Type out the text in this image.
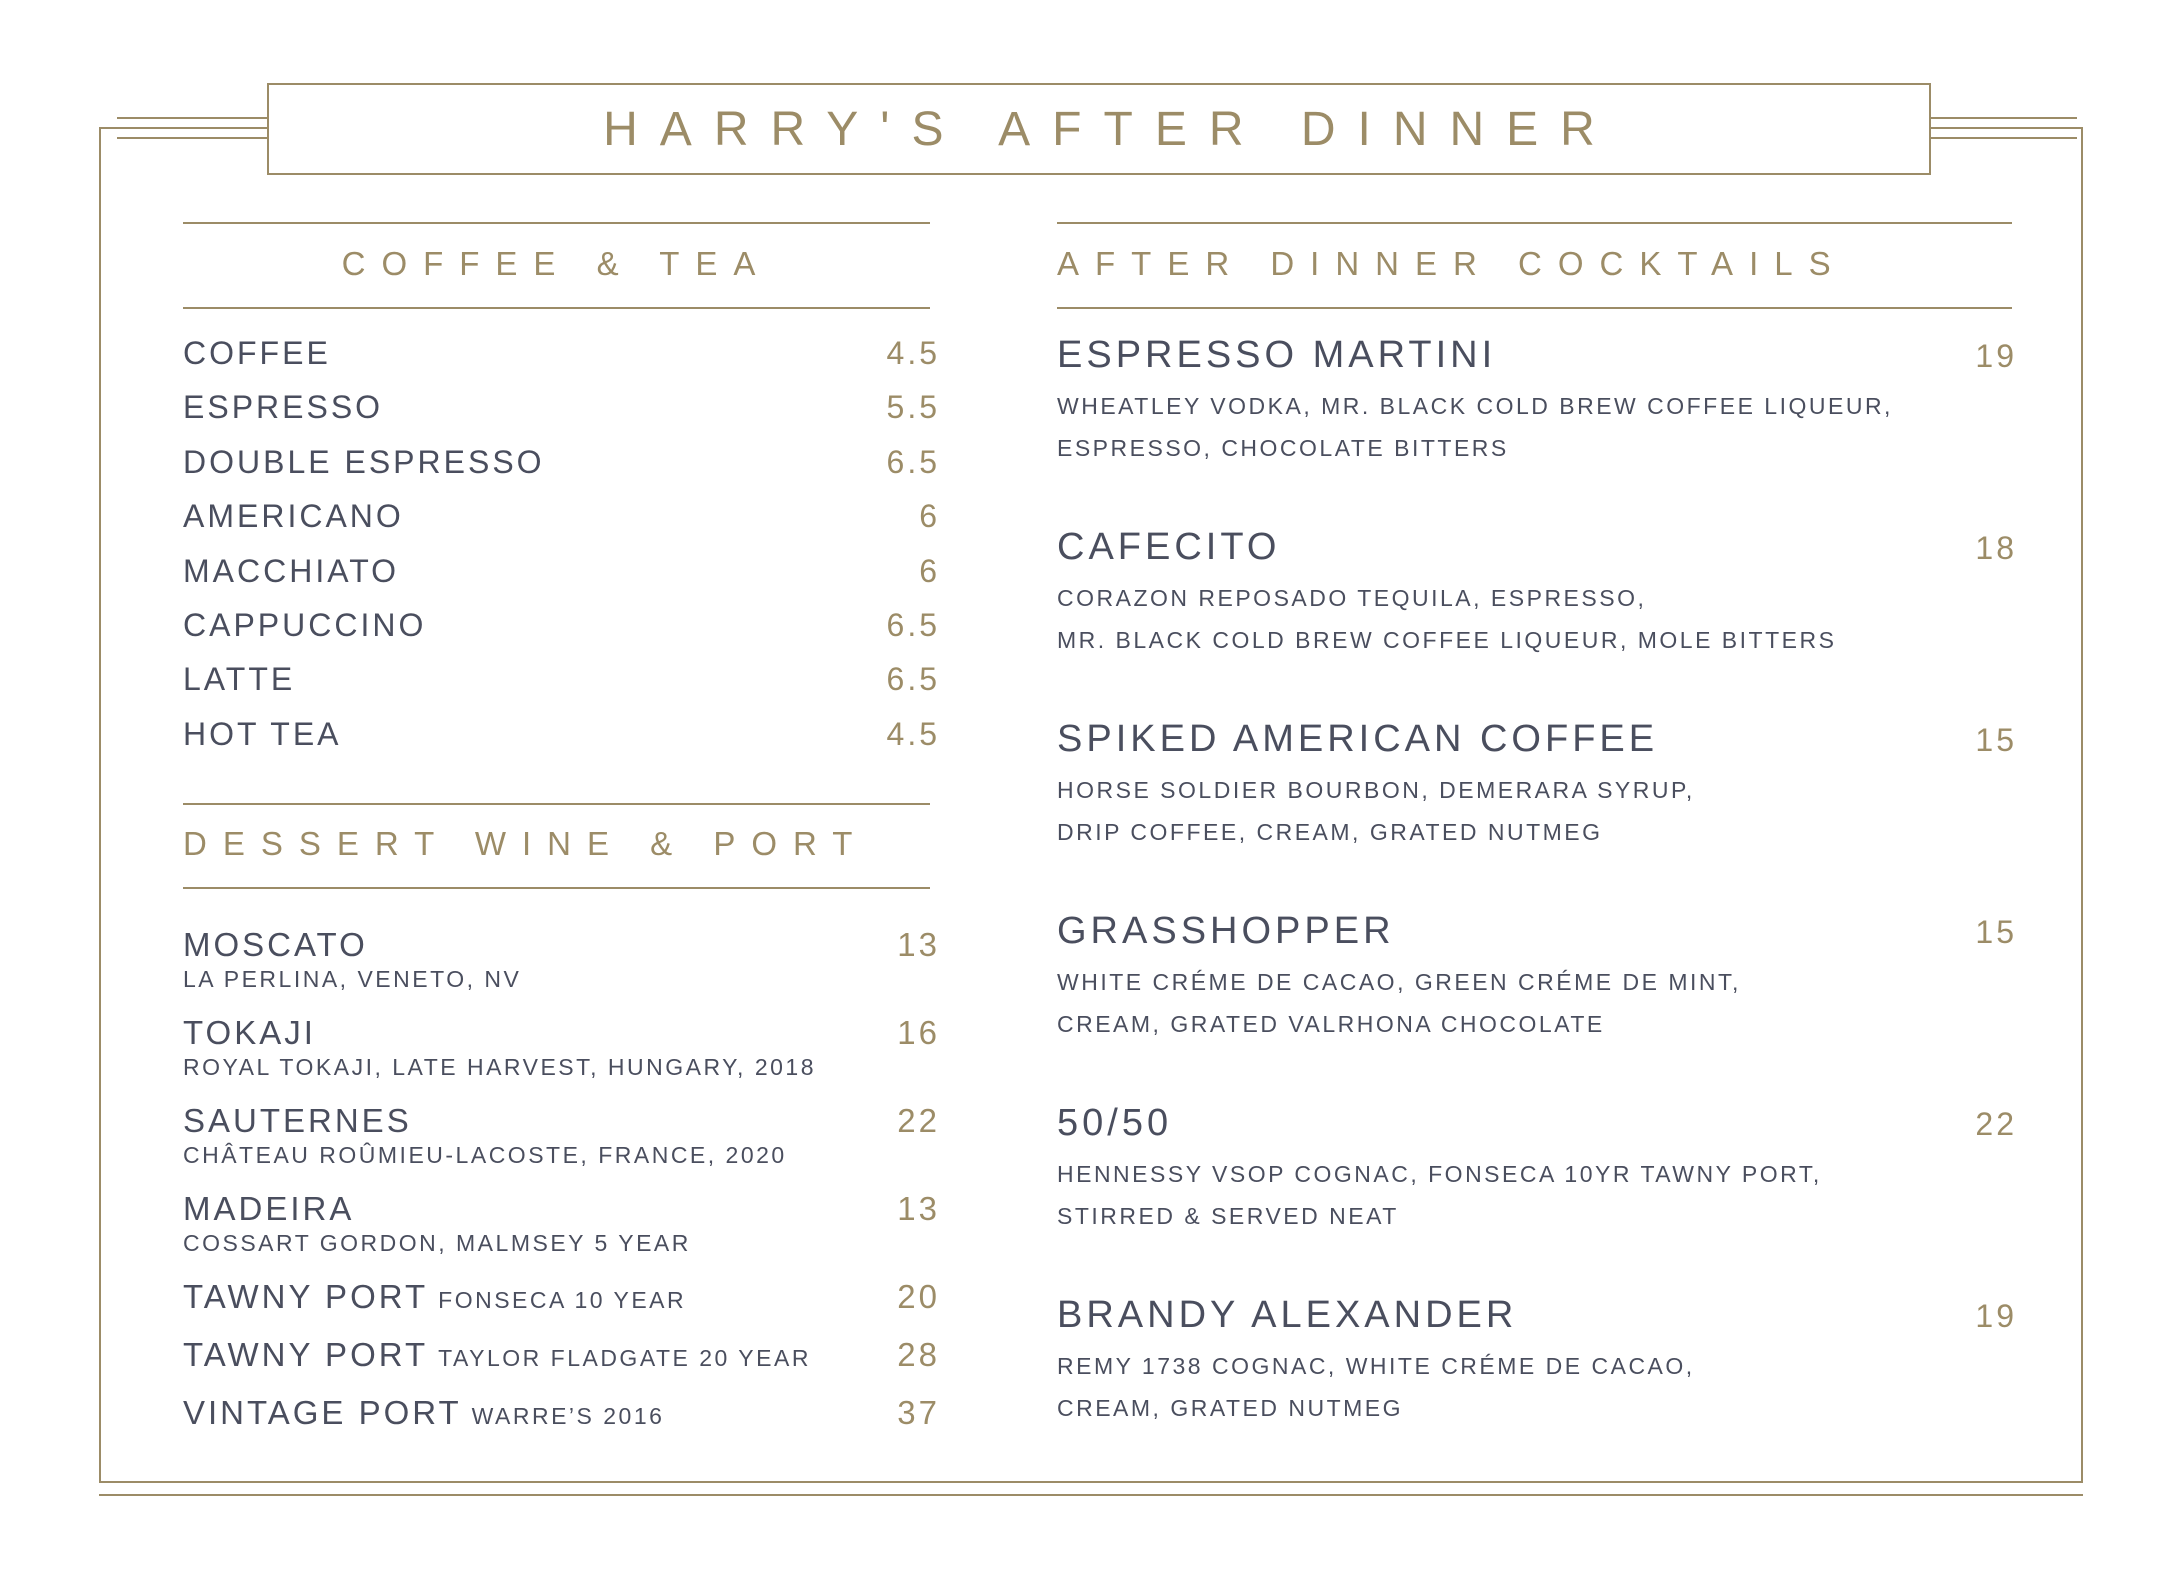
HARRY'S AFTER DINNER
COFFEE & TEA
COFFEE	4.5
ESPRESSO	5.5
DOUBLE ESPRESSO	6.5
AMERICANO	6
MACCHIATO	6
CAPPUCCINO	6.5
LATTE	6.5
HOT TEA	4.5
DESSERT WINE & PORT
MOSCATO	13
LA PERLINA, VENETO, NV
TOKAJI	16
ROYAL TOKAJI, LATE HARVEST, HUNGARY, 2018
SAUTERNES	22
CHÂTEAU ROÛMIEU-LACOSTE, FRANCE, 2020
MADEIRA	13
COSSART GORDON, MALMSEY 5 YEAR
TAWNY PORT FONSECA 10 YEAR	20
TAWNY PORT TAYLOR FLADGATE 20 YEAR	28
VINTAGE PORT WARRE’S 2016	37
AFTER DINNER COCKTAILS
ESPRESSO MARTINI	19
WHEATLEY VODKA, MR. BLACK COLD BREW COFFEE LIQUEUR,
ESPRESSO, CHOCOLATE BITTERS
CAFECITO	18
CORAZON REPOSADO TEQUILA, ESPRESSO,
MR. BLACK COLD BREW COFFEE LIQUEUR, MOLE BITTERS
SPIKED AMERICAN COFFEE	15
HORSE SOLDIER BOURBON, DEMERARA SYRUP,
DRIP COFFEE, CREAM, GRATED NUTMEG
GRASSHOPPER	15
WHITE CRÉME DE CACAO, GREEN CRÉME DE MINT,
CREAM, GRATED VALRHONA CHOCOLATE
50/50	22
HENNESSY VSOP COGNAC, FONSECA 10YR TAWNY PORT,
STIRRED & SERVED NEAT
BRANDY ALEXANDER	19
REMY 1738 COGNAC, WHITE CRÉME DE CACAO,
CREAM, GRATED NUTMEG
